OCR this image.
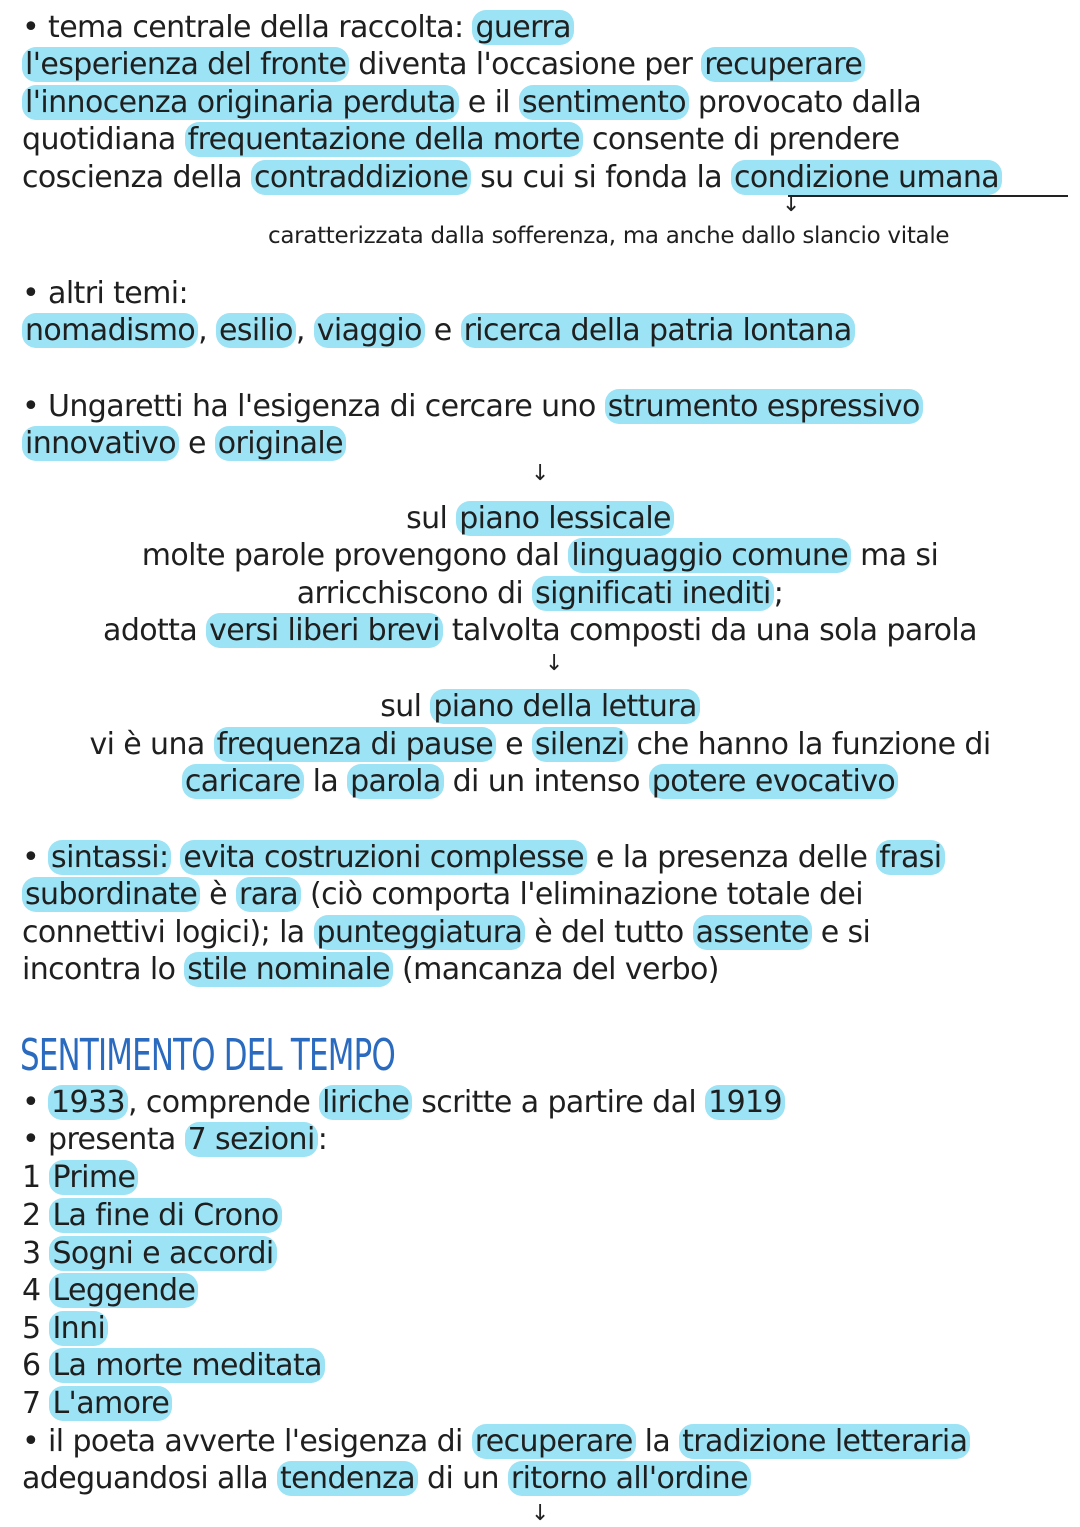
• tema centrale della raccolta: guerra
l'esperienza del fronte diventa l'occasione per recuperare
l'innocenza originaria perduta e il sentimento provocato dalla
quotidiana frequentazione della morte consente di prendere
coscienza della contraddizione su cui si fonda la condizione umana
↓
caratterizzata dalla sofferenza, ma anche dallo slancio vitale
• altri temi:
nomadismo , esilio , viaggio e ricerca della patria lontana
• Ungaretti ha l'esigenza di cercare uno strumento espressivo
innovativo e originale
↓
sul piano lessicale
molte parole provengono dal linguaggio comune ma si
arricchiscono di significati inediti ;
adotta versi liberi brevi talvolta composti da una sola parola
↓
sul piano della lettura
vi è una frequenza di pause e silenzi che hanno la funzione di
caricare la parola di un intenso potere evocativo
• sintassi: evita costruzioni complesse e la presenza delle frasi
subordinate è rara (ciò comporta l'eliminazione totale dei
connettivi logici); la punteggiatura è del tutto assente e si
incontra lo stile nominale (mancanza del verbo)
SENTIMENTO DEL TEMPO
• 1933 , comprende liriche scritte a partire dal 1919
• presenta 7 sezioni :
1 Prime
2 La fine di Crono
3 Sogni e accordi
4 Leggende
5 Inni
6 La morte meditata
7 L'amore
• il poeta avverte l'esigenza di recuperare la tradizione letteraria
adeguandosi alla tendenza di un ritorno all'ordine
↓
